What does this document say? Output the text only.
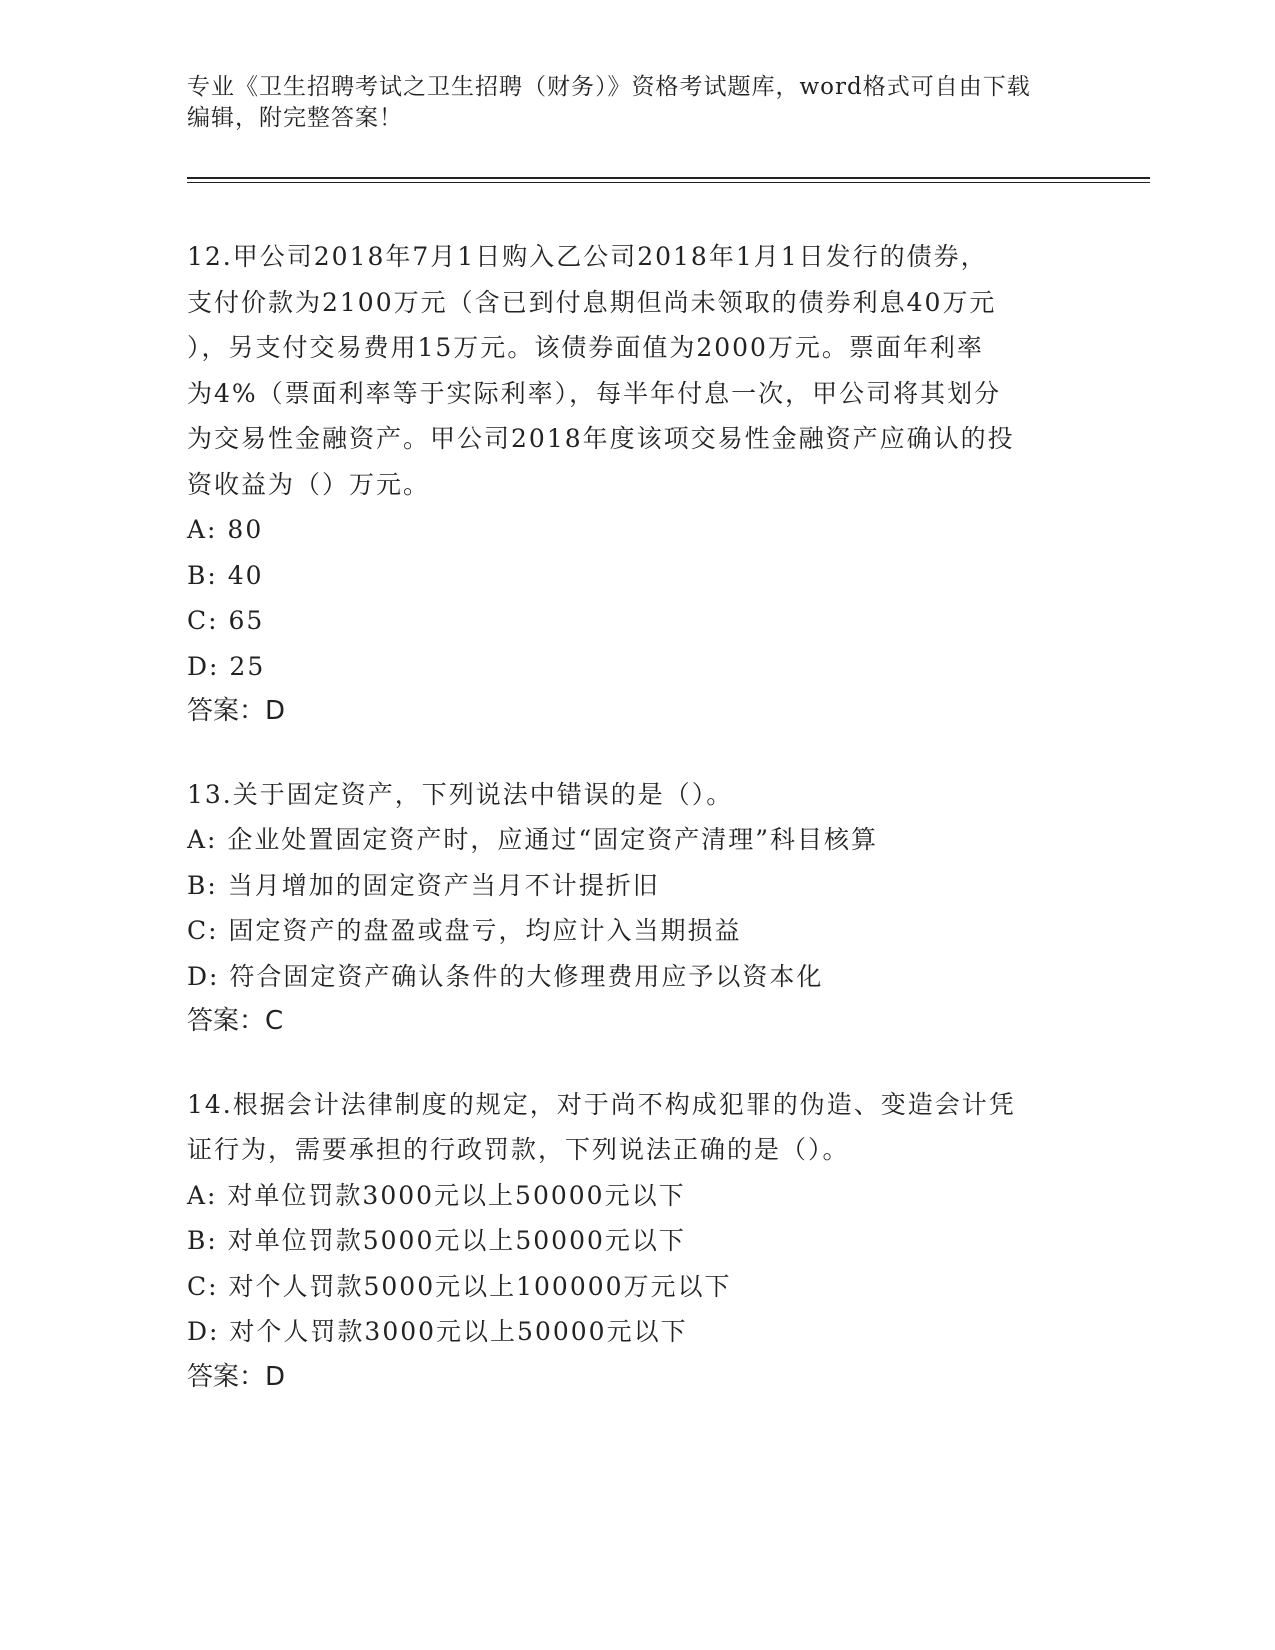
专业《卫生招聘考试之卫生招聘（财务）》资格考试题库，word格式可自由下载
编辑，附完整答案！
12.甲公司2018年7月1日购入乙公司2018年1月1日发行的债券，
支付价款为2100万元（含已到付息期但尚未领取的债券利息40万元
），另支付交易费用15万元。该债券面值为2000万元。票面年利率
为4%（票面利率等于实际利率），每半年付息一次，甲公司将其划分
为交易性金融资产。甲公司2018年度该项交易性金融资产应确认的投
资收益为（）万元。
A: 80
B: 40
C: 65
D: 25
答案：D
13.关于固定资产，下列说法中错误的是（）。
A: 企业处置固定资产时，应通过“固定资产清理”科目核算
B: 当月增加的固定资产当月不计提折旧
C: 固定资产的盘盈或盘亏，均应计入当期损益
D: 符合固定资产确认条件的大修理费用应予以资本化
答案：C
14.根据会计法律制度的规定，对于尚不构成犯罪的伪造、变造会计凭
证行为，需要承担的行政罚款，下列说法正确的是（）。
A: 对单位罚款3000元以上50000元以下
B: 对单位罚款5000元以上50000元以下
C: 对个人罚款5000元以上100000万元以下
D: 对个人罚款3000元以上50000元以下
答案：D
